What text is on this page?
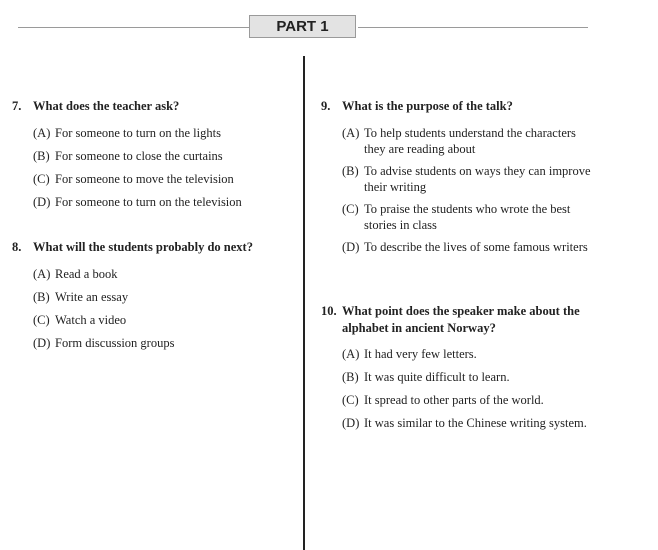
PART 1
7. What does the teacher ask?
(A) For someone to turn on the lights
(B) For someone to close the curtains
(C) For someone to move the television
(D) For someone to turn on the television
8. What will the students probably do next?
(A) Read a book
(B) Write an essay
(C) Watch a video
(D) Form discussion groups
9. What is the purpose of the talk?
(A) To help students understand the characters they are reading about
(B) To advise students on ways they can improve their writing
(C) To praise the students who wrote the best stories in class
(D) To describe the lives of some famous writers
10. What point does the speaker make about the alphabet in ancient Norway?
(A) It had very few letters.
(B) It was quite difficult to learn.
(C) It spread to other parts of the world.
(D) It was similar to the Chinese writing system.
